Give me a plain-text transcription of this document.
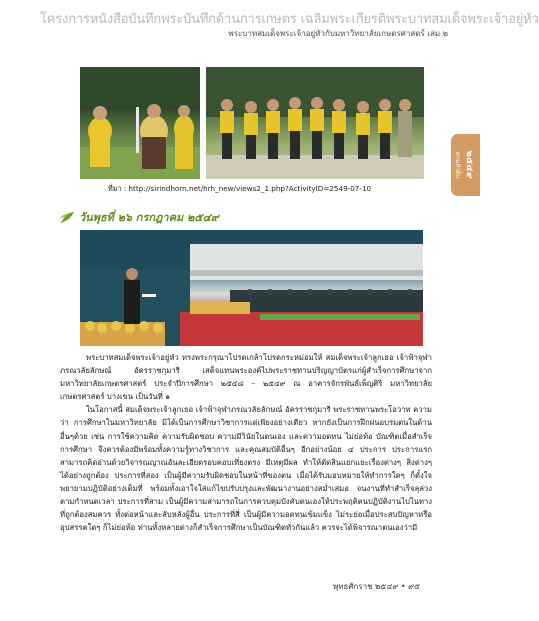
โครงการหนังสือบันทึกพระบันทึกด้านการเกษตร เฉลิมพระเกียรติพระบาทสมเด็จพระเจ้าอยู่หัว
พระบาทสมเด็จพระเจ้าอยู่หัวกับมหาวิทยาลัยเกษตรศาสตร์ เล่ม ๒
ที่มา : http://sirindhorn.net/hrh_new/views2_1.php?ActivityID=2549-07-10
วันพุธที่ ๒๖ กรกฎาคม ๒๕๔๙
๒๕๔๙
ตามลำดับ

พระบาทสมเด็จพระเจ้าอยู่หัว ทรงพระกรุณาโปรดเกล้าโปรดกระหม่อมให้ สมเด็จพระเจ้าลูกเธอ เจ้าฟ้าจุฬาภรณวลัยลักษณ์ อัครราชกุมารี เสด็จแทนพระองค์ไปพระราชทานปริญญาบัตรแก่ผู้สำเร็จการศึกษาจากมหาวิทยาลัยเกษตรศาสตร์ ประจำปีการศึกษา ๒๕๔๘ – ๒๕๔๙ ณ อาคารจักรพันธ์เพ็ญศิริ มหาวิทยาลัยเกษตรศาสตร์ บางเขน เป็นวันที่ ๑

ในโอกาสนี้ สมเด็จพระเจ้าลูกเธอ เจ้าฟ้าจุฬาภรณวลัยลักษณ์ อัครราชกุมารี พระราชทานพระโอวาท ความว่า การศึกษาในมหาวิทยาลัย มิได้เป็นการศึกษาวิชาการแต่เพียงอย่างเดียว หากยังเป็นการฝึกฝนอบรมตนในด้านอื่นๆด้วย เช่น การใช้ความคิด ความรับผิดชอบ ความมีวินัยในตนเอง และความอดทน ไม่ย่อท้อ บัณฑิตเมื่อสำเร็จการศึกษา จึงควรต้องมีพร้อมทั้งความรู้ทางวิชาการ และคุณสมบัติอื่นๆ อีกอย่างน้อย ๔ ประการ ประการแรก สามารถคิดอ่านด้วยวิจารณญาณอันละเอียดรอบคอบเที่ยงตรง มีเหตุมีผล ทำให้ตัดสินแยกแยะเรื่องต่างๆ สิ่งต่างๆ ได้อย่างถูกต้อง ประการที่สอง เป็นผู้มีความรับผิดชอบในหน้าที่ของตน เมื่อได้รับมอบหมายให้ทำการใดๆ ก็ตั้งใจพยายามปฏิบัติอย่างเต็มที่ พร้อมทั้งเอาใจใส่แก้ไขปรับปรุงและพัฒนางานอย่างสม่ำเสมอ จนงานที่ทำสำเร็จลุล่วงตามกำหนดเวลา ประการที่สาม เป็นผู้มีความสามารถในการควบคุมบังคับตนเองให้ประพฤติตนปฏิบัติงานไปในทางที่ถูกต้องสมควร ทั้งต่อหน้าและลับหลังผู้อื่น ประการที่สี่ เป็นผู้มีความอดทนเข้มแข็ง ไม่ระย่อเมื่อประสบปัญหาหรืออุปสรรคใดๆ ก็ไม่ย่อท้อ ท่านทั้งหลายต่างก็สำเร็จการศึกษาเป็นบัณฑิตทั่วกันแล้ว ควรจะได้พิจารณาตนเองว่ามี

พุทธศักราช ๒๕๔๙ • ๙๕
